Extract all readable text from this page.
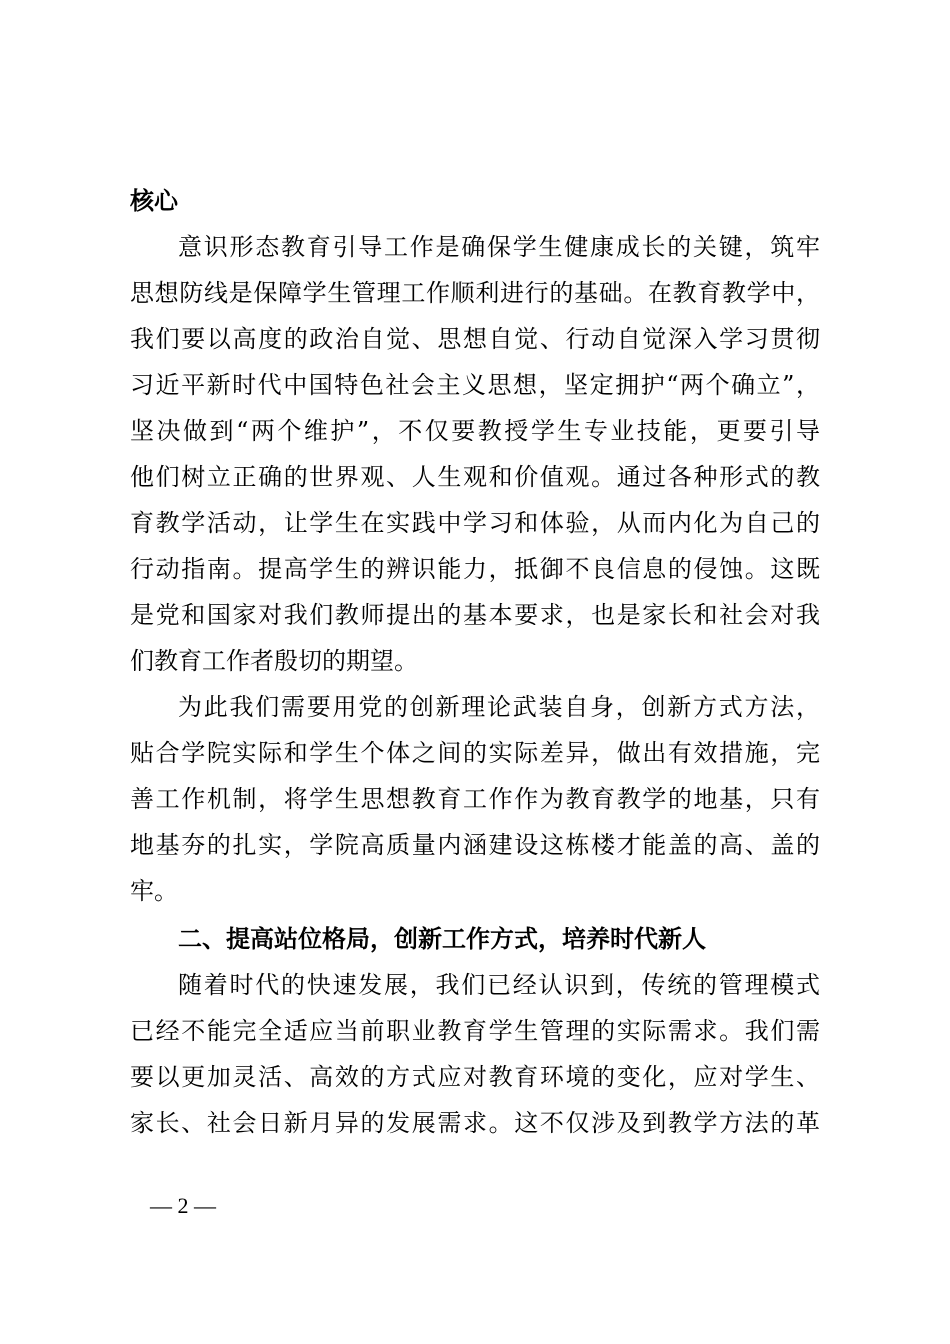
核心
意识形态教育引导工作是确保学生健康成长的关键，筑牢
思想防线是保障学生管理工作顺利进行的基础。在教育教学中，
我们要以高度的政治自觉、思想自觉、行动自觉深入学习贯彻
习近平新时代中国特色社会主义思想，坚定拥护“两个确立”，
坚决做到“两个维护”，不仅要教授学生专业技能，更要引导
他们树立正确的世界观、人生观和价值观。通过各种形式的教
育教学活动，让学生在实践中学习和体验，从而内化为自己的
行动指南。提高学生的辨识能力，抵御不良信息的侵蚀。这既
是党和国家对我们教师提出的基本要求，也是家长和社会对我
们教育工作者殷切的期望。
为此我们需要用党的创新理论武装自身，创新方式方法，
贴合学院实际和学生个体之间的实际差异，做出有效措施，完
善工作机制，将学生思想教育工作作为教育教学的地基，只有
地基夯的扎实，学院高质量内涵建设这栋楼才能盖的高、盖的
牢。
二、提高站位格局，创新工作方式，培养时代新人
随着时代的快速发展，我们已经认识到，传统的管理模式
已经不能完全适应当前职业教育学生管理的实际需求。我们需
要以更加灵活、高效的方式应对教育环境的变化，应对学生、
家长、社会日新月异的发展需求。这不仅涉及到教学方法的革
— 2 —
